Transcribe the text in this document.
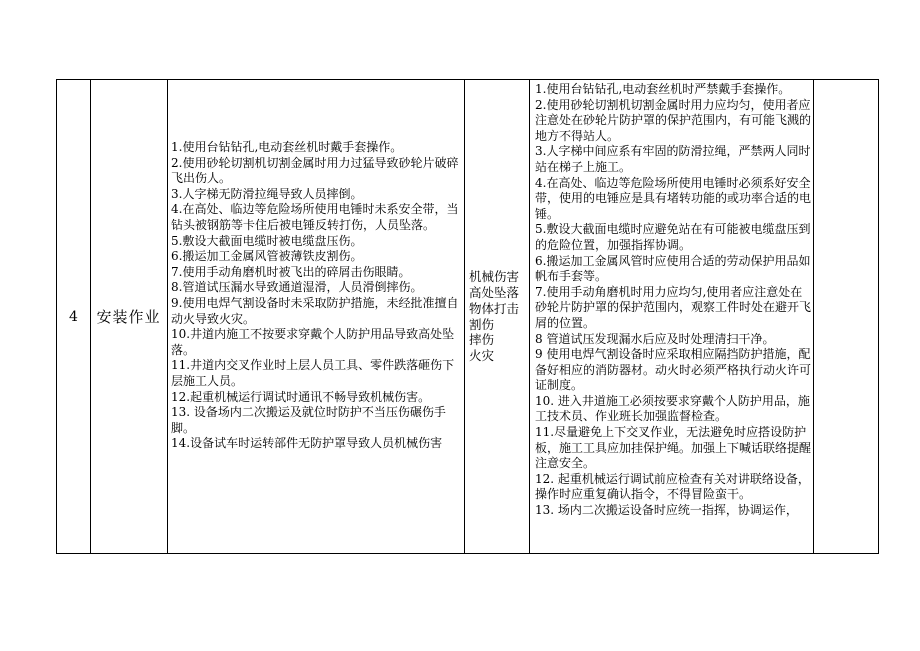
4 安装作业
1.使用台钻钻孔,电动套丝机时戴手套操作。
2.使用砂轮切割机切割金属时用力过猛导致砂轮片破碎飞出伤人。
3.人字梯无防滑拉绳导致人员摔倒。
4.在高处、临边等危险场所使用电锤时未系安全带，当钻头被钢筋等卡住后被电锤反转打伤，人员坠落。
5.敷设大截面电缆时被电缆盘压伤。
6.搬运加工金属风管被薄铁皮割伤。
7.使用手动角磨机时被飞出的碎屑击伤眼睛。
8.管道试压漏水导致通道湿滑，人员滑倒摔伤。
9.使用电焊气割设备时未采取防护措施，未经批准擅自动火导致火灾。
10.井道内施工不按要求穿戴个人防护用品导致高处坠落。
11.井道内交叉作业时上层人员工具、零件跌落砸伤下层施工人员。
12.起重机械运行调试时通讯不畅导致机械伤害。
13. 设备场内二次搬运及就位时防护不当压伤碾伤手脚。
14.设备试车时运转部件无防护罩导致人员机械伤害
机械伤害
高处坠落
物体打击
割伤
摔伤
火灾
1.使用台钻钻孔,电动套丝机时严禁戴手套操作。
2.使用砂轮切割机切割金属时用力应均匀，使用者应注意处在砂轮片防护罩的保护范围内，有可能飞溅的地方不得站人。
3.人字梯中间应系有牢固的防滑拉绳，严禁两人同时站在梯子上施工。
4.在高处、临边等危险场所使用电锤时必须系好安全带，使用的电锤应是具有堵转功能的或功率合适的电锤。
5.敷设大截面电缆时应避免站在有可能被电缆盘压到的危险位置，加强指挥协调。
6.搬运加工金属风管时应使用合适的劳动保护用品如帆布手套等。
7.使用手动角磨机时用力应均匀,使用者应注意处在砂轮片防护罩的保护范围内，观察工件时处在避开飞屑的位置。
8 管道试压发现漏水后应及时处理清扫干净。
9 使用电焊气割设备时应采取相应隔挡防护措施，配备好相应的消防器材。动火时必须严格执行动火许可证制度。
10. 进入井道施工必须按要求穿戴个人防护用品，施工技术员、作业班长加强监督检查。
11.尽量避免上下交叉作业，无法避免时应搭设防护板，施工工具应加挂保护绳。加强上下喊话联络提醒注意安全。
12. 起重机械运行调试前应检查有关对讲联络设备，操作时应重复确认指令，不得冒险蛮干。
13. 场内二次搬运设备时应统一指挥，协调运作，
